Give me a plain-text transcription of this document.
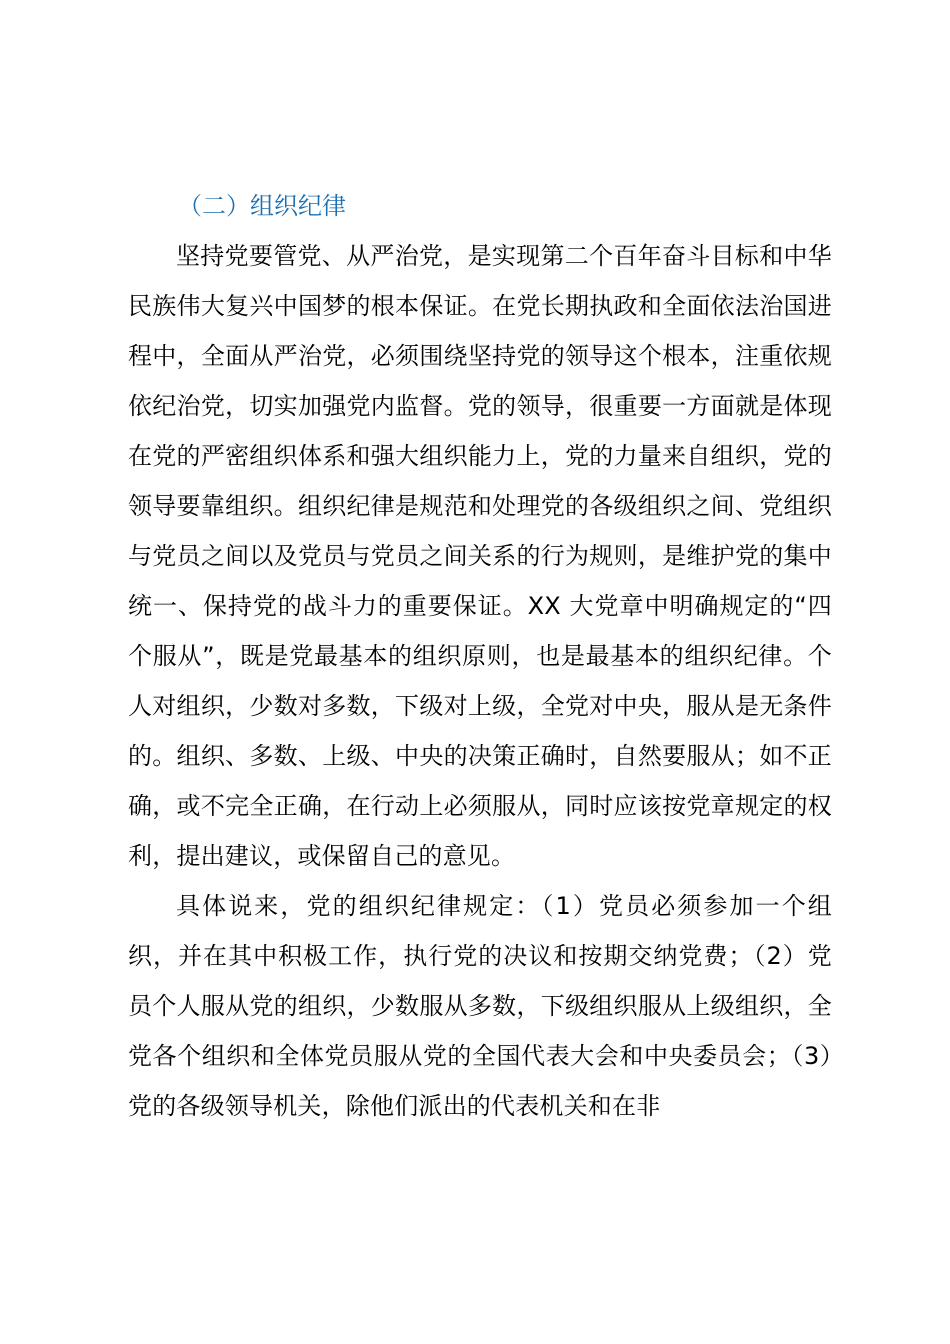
（二）组织纪律

坚持党要管党、从严治党，是实现第二个百年奋斗目标和中华民族伟大复兴中国梦的根本保证。在党长期执政和全面依法治国进程中，全面从严治党，必须围绕坚持党的领导这个根本，注重依规依纪治党，切实加强党内监督。党的领导，很重要一方面就是体现在党的严密组织体系和强大组织能力上，党的力量来自组织，党的领导要靠组织。组织纪律是规范和处理党的各级组织之间、党组织与党员之间以及党员与党员之间关系的行为规则，是维护党的集中统一、保持党的战斗力的重要保证。XX 大党章中明确规定的“四个服从”，既是党最基本的组织原则，也是最基本的组织纪律。个人对组织，少数对多数，下级对上级，全党对中央，服从是无条件的。组织、多数、上级、中央的决策正确时，自然要服从；如不正确，或不完全正确，在行动上必须服从，同时应该按党章规定的权利，提出建议，或保留自己的意见。

具体说来，党的组织纪律规定：（1）党员必须参加一个组织，并在其中积极工作，执行党的决议和按期交纳党费；（2）党员个人服从党的组织，少数服从多数，下级组织服从上级组织，全党各个组织和全体党员服从党的全国代表大会和中央委员会；（3）党的各级领导机关，除他们派出的代表机关和在非
